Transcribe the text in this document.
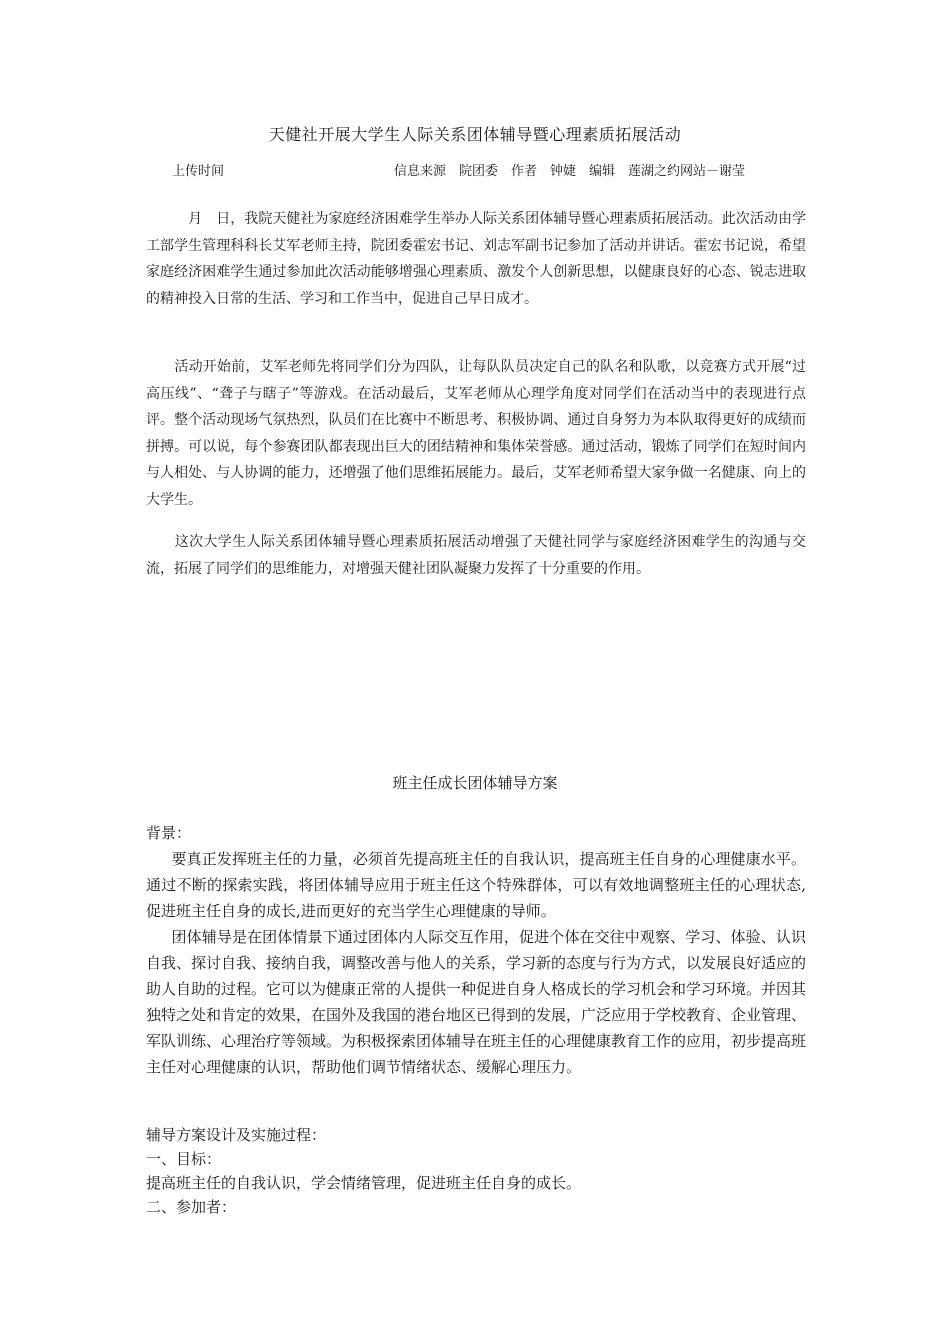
天健社开展大学生人际关系团体辅导暨心理素质拓展活动
上传时间	信息来源　院团委　作者　钟婕　编辑　莲湖之约网站－谢莹

　　　月　日，我院天健社为家庭经济困难学生举办人际关系团体辅导暨心理素质拓展活动。此次活动由学工部学生管理科科长艾军老师主持，院团委霍宏书记、刘志军副书记参加了活动并讲话。霍宏书记说，希望家庭经济困难学生通过参加此次活动能够增强心理素质、激发个人创新思想，以健康良好的心态、锐志进取的精神投入日常的生活、学习和工作当中，促进自己早日成才。

　　活动开始前，艾军老师先将同学们分为四队，让每队队员决定自己的队名和队歌，以竞赛方式开展“过高压线”、“聋子与瞎子”等游戏。在活动最后，艾军老师从心理学角度对同学们在活动当中的表现进行点评。整个活动现场气氛热烈，队员们在比赛中不断思考、积极协调、通过自身努力为本队取得更好的成绩而拼搏。可以说，每个参赛团队都表现出巨大的团结精神和集体荣誉感。通过活动，锻炼了同学们在短时间内与人相处、与人协调的能力，还增强了他们思维拓展能力。最后，艾军老师希望大家争做一名健康、向上的大学生。

　　这次大学生人际关系团体辅导暨心理素质拓展活动增强了天健社同学与家庭经济困难学生的沟通与交流，拓展了同学们的思维能力，对增强天健社团队凝聚力发挥了十分重要的作用。

班主任成长团体辅导方案

背景：

要真正发挥班主任的力量，必须首先提高班主任的自我认识，提高班主任自身的心理健康水平。通过不断的探索实践，将团体辅导应用于班主任这个特殊群体，可以有效地调整班主任的心理状态,促进班主任自身的成长,进而更好的充当学生心理健康的导师。

团体辅导是在团体情景下通过团体内人际交互作用，促进个体在交往中观察、学习、体验、认识自我、探讨自我、接纳自我，调整改善与他人的关系，学习新的态度与行为方式，以发展良好适应的助人自助的过程。它可以为健康正常的人提供一种促进自身人格成长的学习机会和学习环境。并因其独特之处和肯定的效果，在国外及我国的港台地区已得到的发展，广泛应用于学校教育、企业管理、军队训练、心理治疗等领域。为积极探索团体辅导在班主任的心理健康教育工作的应用，初步提高班主任对心理健康的认识，帮助他们调节情绪状态、缓解心理压力。

辅导方案设计及实施过程：

一、目标：

提高班主任的自我认识，学会情绪管理，促进班主任自身的成长。

二、参加者：
